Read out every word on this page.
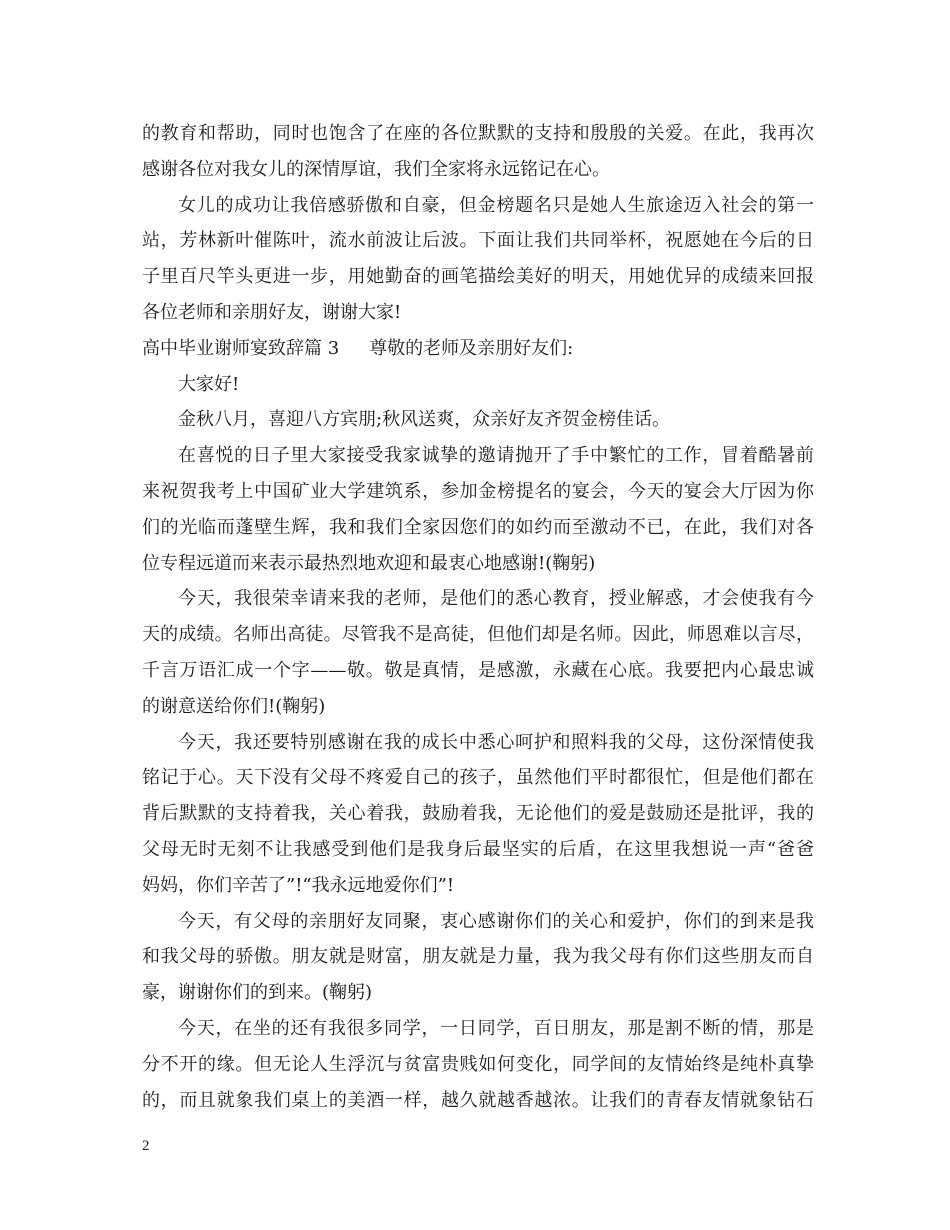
的教育和帮助，同时也饱含了在座的各位默默的支持和殷殷的关爱。在此，我再次
感谢各位对我女儿的深情厚谊，我们全家将永远铭记在心。
女儿的成功让我倍感骄傲和自豪，但金榜题名只是她人生旅途迈入社会的第一
站，芳林新叶催陈叶，流水前波让后波。下面让我们共同举杯，祝愿她在今后的日
子里百尺竿头更进一步，用她勤奋的画笔描绘美好的明天，用她优异的成绩来回报
各位老师和亲朋好友，谢谢大家!
高中毕业谢师宴致辞篇 3 尊敬的老师及亲朋好友们:
大家好!
金秋八月，喜迎八方宾朋;秋风送爽，众亲好友齐贺金榜佳话。
在喜悦的日子里大家接受我家诚挚的邀请抛开了手中繁忙的工作，冒着酷暑前
来祝贺我考上中国矿业大学建筑系，参加金榜提名的宴会，今天的宴会大厅因为你
们的光临而蓬壁生辉，我和我们全家因您们的如约而至激动不已，在此，我们对各
位专程远道而来表示最热烈地欢迎和最衷心地感谢!(鞠躬)
今天，我很荣幸请来我的老师，是他们的悉心教育，授业解惑，才会使我有今
天的成绩。名师出高徒。尽管我不是高徒，但他们却是名师。因此，师恩难以言尽，
千言万语汇成一个字——敬。敬是真情，是感激，永藏在心底。我要把内心最忠诚
的谢意送给你们!(鞠躬)
今天，我还要特别感谢在我的成长中悉心呵护和照料我的父母，这份深情使我
铭记于心。天下没有父母不疼爱自己的孩子，虽然他们平时都很忙，但是他们都在
背后默默的支持着我，关心着我，鼓励着我，无论他们的爱是鼓励还是批评，我的
父母无时无刻不让我感受到他们是我身后最坚实的后盾，在这里我想说一声“爸爸
妈妈，你们辛苦了”!“我永远地爱你们”!
今天，有父母的亲朋好友同聚，衷心感谢你们的关心和爱护，你们的到来是我
和我父母的骄傲。朋友就是财富，朋友就是力量，我为我父母有你们这些朋友而自
豪，谢谢你们的到来。(鞠躬)
今天，在坐的还有我很多同学，一日同学，百日朋友，那是割不断的情，那是
分不开的缘。但无论人生浮沉与贫富贵贱如何变化，同学间的友情始终是纯朴真挚
的，而且就象我们桌上的美酒一样，越久就越香越浓。让我们的青春友情就象钻石
2
